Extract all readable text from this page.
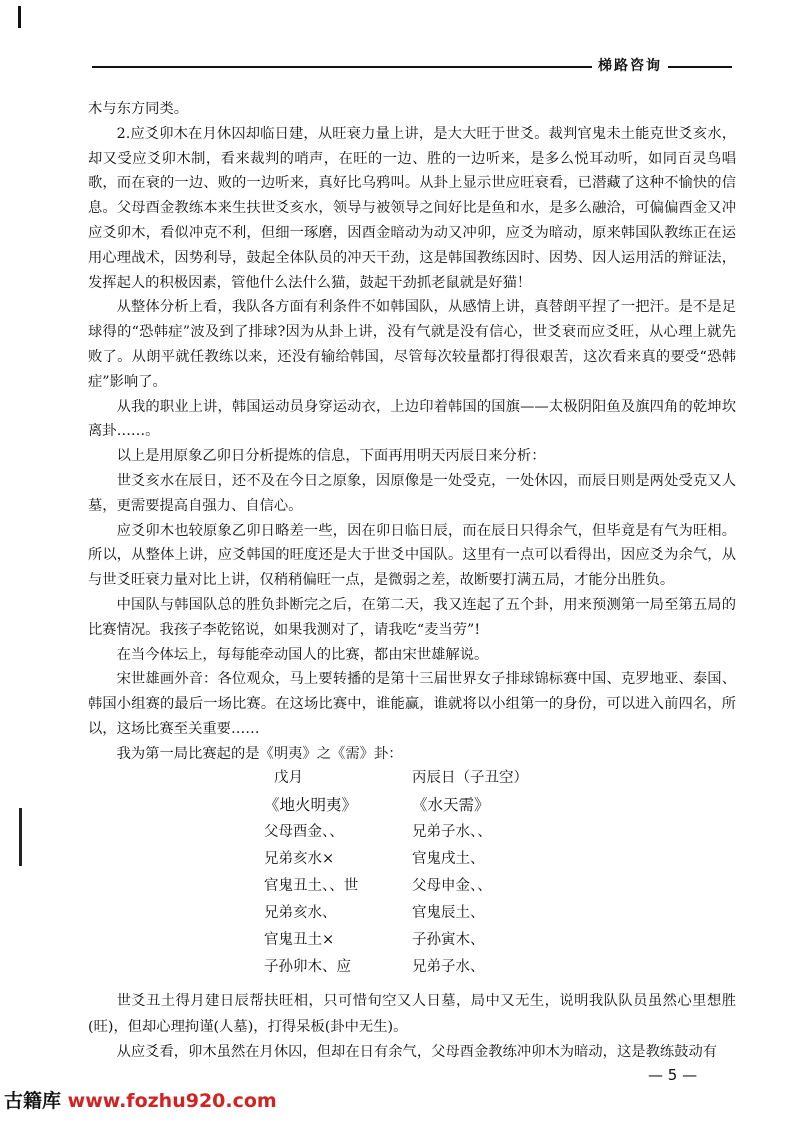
梯路咨询

木与东方同类。

2.应爻卯木在月休囚却临日建，从旺衰力量上讲，是大大旺于世爻。裁判官鬼未土能克世爻亥水，却又受应爻卯木制，看来裁判的哨声，在旺的一边、胜的一边听来，是多么悦耳动听，如同百灵鸟唱歌，而在衰的一边、败的一边听来，真好比乌鸦叫。从卦上显示世应旺衰看，已潜藏了这种不愉快的信息。父母酉金教练本来生扶世爻亥水，领导与被领导之间好比是鱼和水，是多么融洽，可偏偏酉金又冲应爻卯木，看似冲克不利，但细一琢磨，因酉金暗动为动又冲卯，应爻为暗动，原来韩国队教练正在运用心理战术，因势利导，鼓起全体队员的冲天干劲，这是韩国教练因时、因势、因人运用活的辩证法，发挥起人的积极因素，管他什么法什么猫，鼓起干劲抓老鼠就是好猫！

从整体分析上看，我队各方面有利条件不如韩国队，从感情上讲，真替朗平捏了一把汗。是不是足球得的“恐韩症”波及到了排球?因为从卦上讲，没有气就是没有信心，世爻衰而应爻旺，从心理上就先败了。从朗平就任教练以来，还没有输给韩国，尽管每次较量都打得很艰苦，这次看来真的要受“恐韩症”影响了。

从我的职业上讲，韩国运动员身穿运动衣，上边印着韩国的国旗——太极阴阳鱼及旗四角的乾坤坎离卦……。

以上是用原象乙卯日分析提炼的信息，下面再用明天丙辰日来分析：

世爻亥水在辰日，还不及在今日之原象，因原像是一处受克，一处休囚，而辰日则是两处受克又人墓，更需要提高自强力、自信心。

应爻卯木也较原象乙卯日略差一些，因在卯日临日辰，而在辰日只得余气，但毕竟是有气为旺相。所以，从整体上讲，应爻韩国的旺度还是大于世爻中国队。这里有一点可以看得出，因应爻为余气，从与世爻旺衰力量对比上讲，仅稍稍偏旺一点，是微弱之差，故断要打满五局，才能分出胜负。

中国队与韩国队总的胜负卦断完之后，在第二天，我又连起了五个卦，用来预测第一局至第五局的比赛情况。我孩子李乾铭说，如果我测对了，请我吃“麦当劳”!

在当今体坛上，每每能牵动国人的比赛，都由宋世雄解说。

宋世雄画外音：各位观众，马上要转播的是第十三届世界女子排球锦标赛中国、克罗地亚、泰国、韩国小组赛的最后一场比赛。在这场比赛中，谁能赢，谁就将以小组第一的身份，可以进入前四名，所以，这场比赛至关重要……

我为第一局比赛起的是《明夷》之《需》卦：

戊月	丙辰日（子丑空）
《地火明夷》	《水天需》
父母酉金、、	兄弟子水、、
兄弟亥水×	官鬼戌土、
官鬼丑土、、世	父母申金、、
兄弟亥水、	官鬼辰土、
官鬼丑土×	子孙寅木、
子孙卯木、应	兄弟子水、

世爻丑土得月建日辰帮扶旺相，只可惜旬空又人日墓，局中又无生，说明我队队员虽然心里想胜(旺)，但却心理拘谨(人墓)，打得呆板(卦中无生)。

从应爻看，卯木虽然在月休囚，但却在日有余气，父母酉金教练冲卯木为暗动，这是教练鼓动有

— 5 —
古籍库 www.fozhu920.com
